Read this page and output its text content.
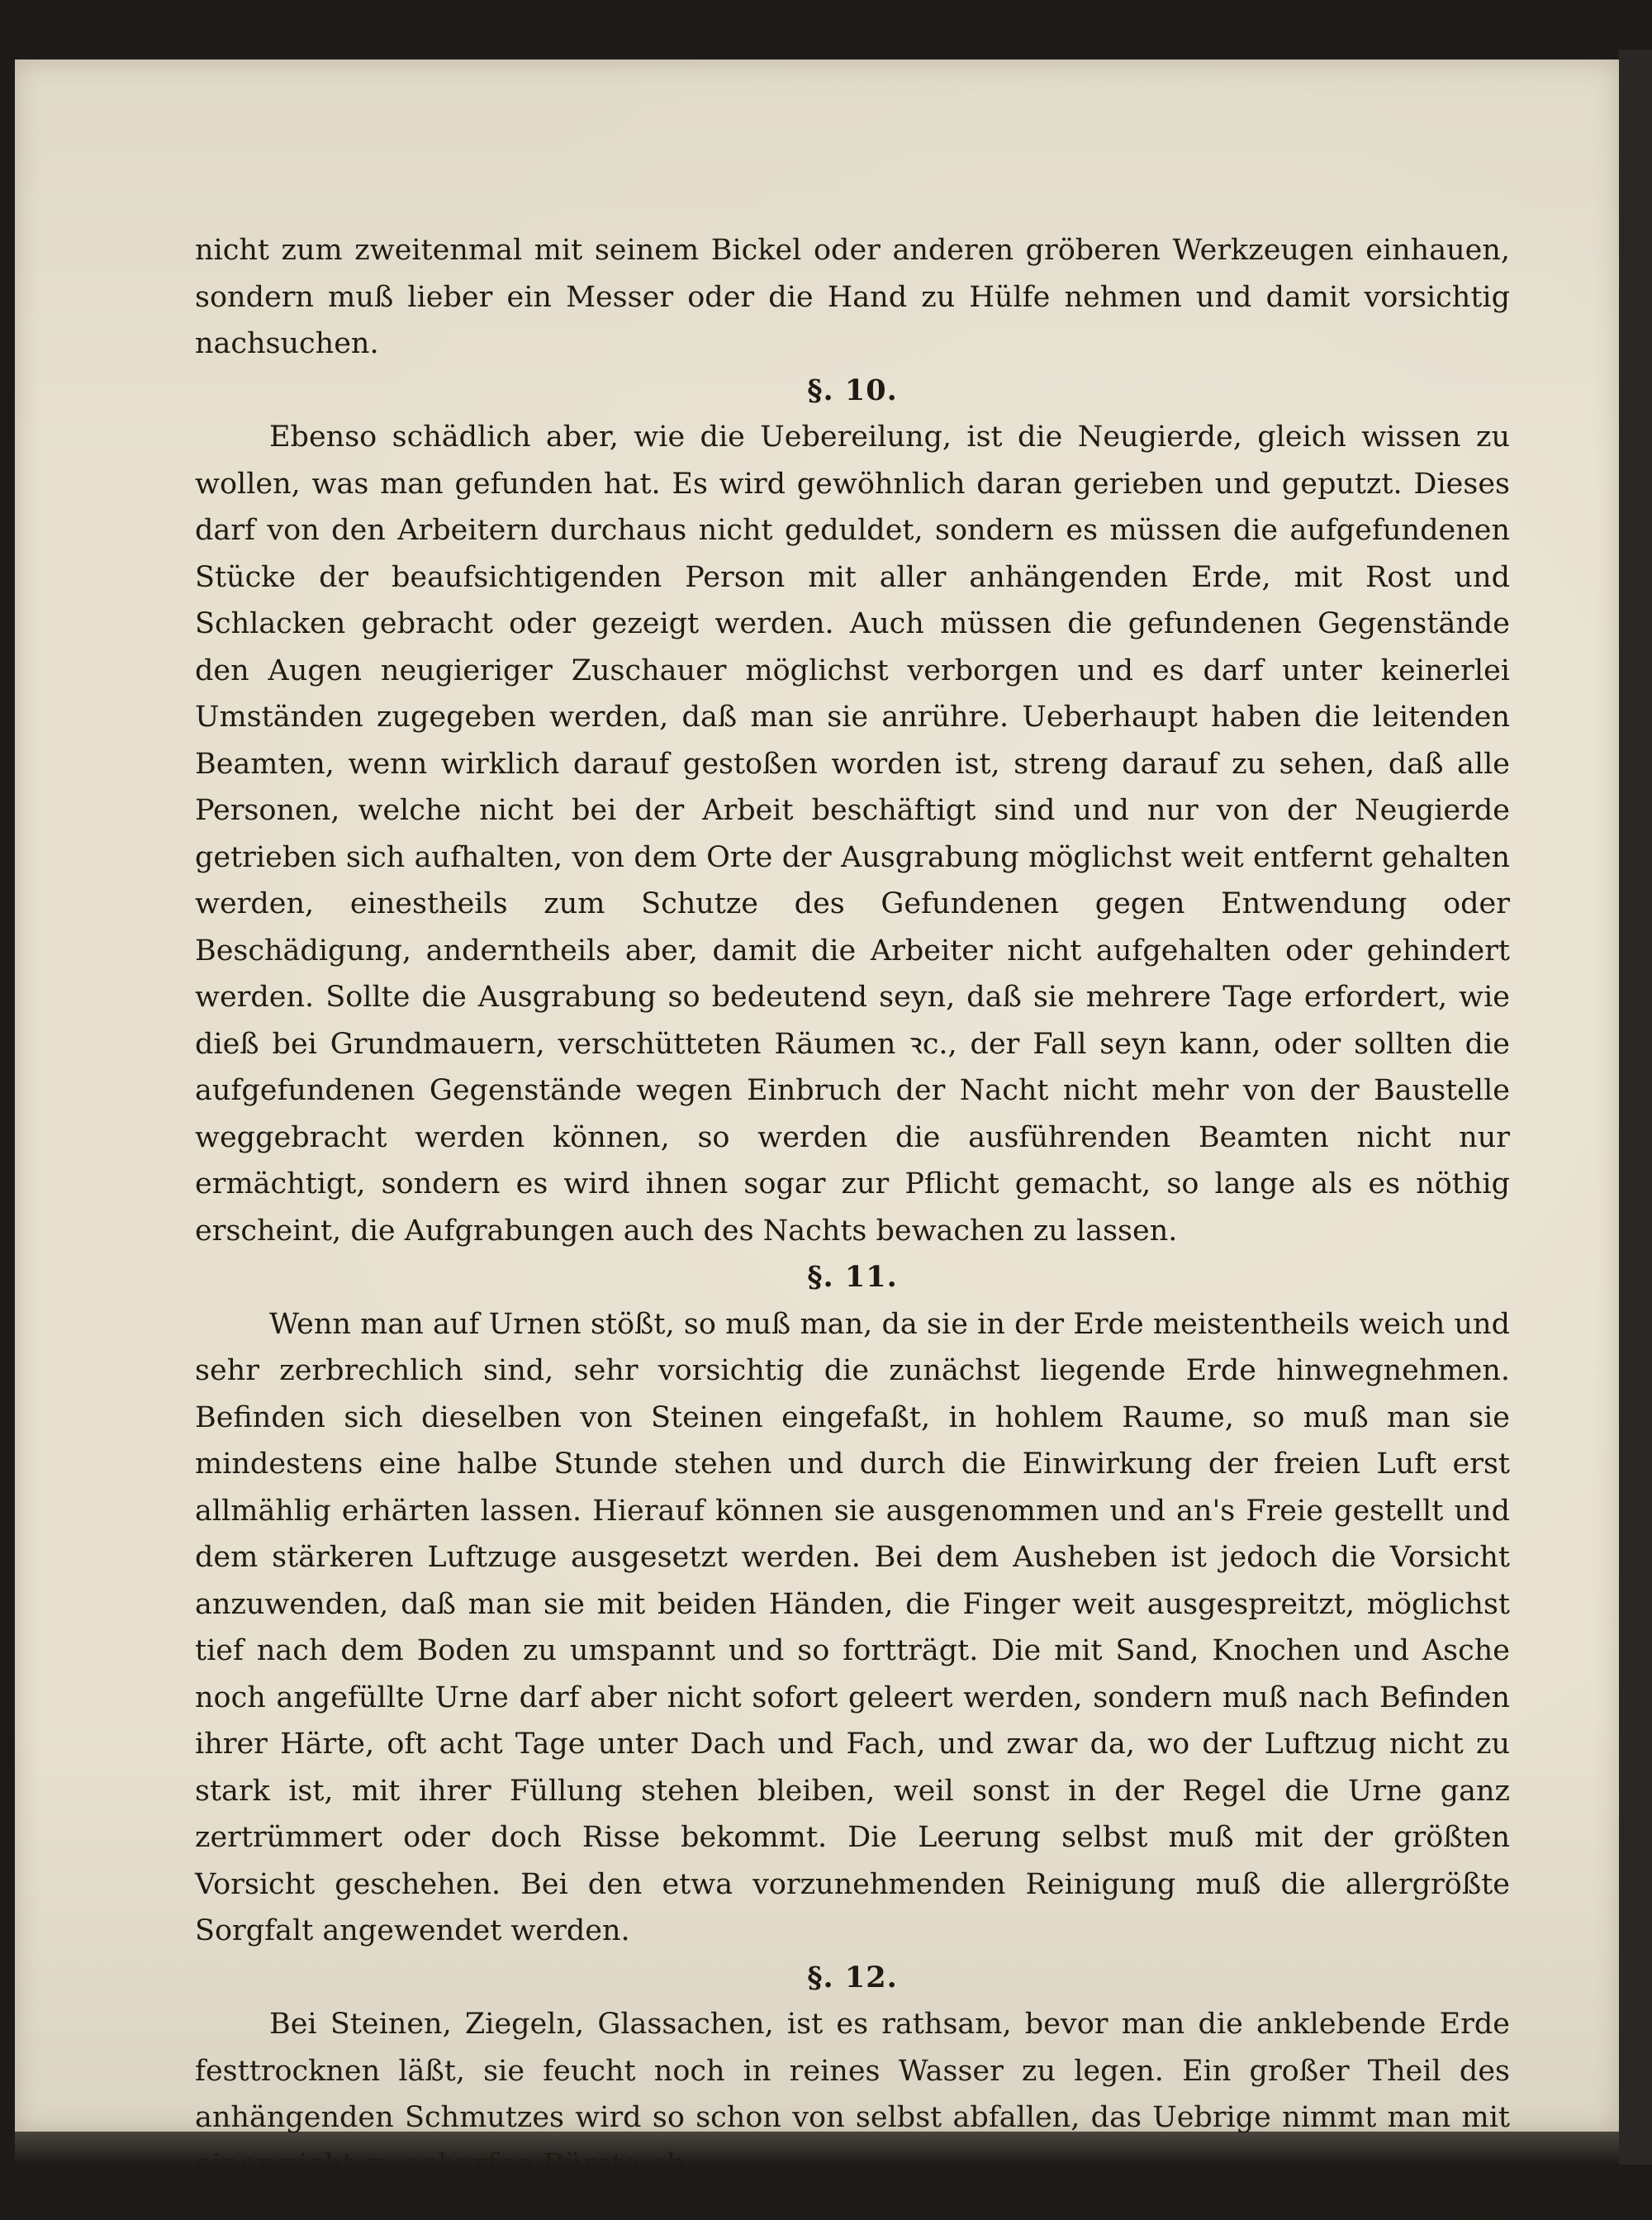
nicht zum zweitenmal mit seinem Bickel oder anderen gröberen Werkzeugen einhauen, sondern muß lieber ein Messer oder die Hand zu Hülfe nehmen und damit vorsichtig nachsuchen.

§. 10.

Ebenso schädlich aber, wie die Uebereilung, ist die Neugierde, gleich wissen zu wollen, was man gefunden hat. Es wird gewöhnlich daran gerieben und geputzt. Dieses darf von den Arbeitern durchaus nicht geduldet, sondern es müssen die aufgefundenen Stücke der beaufsichtigenden Person mit aller anhängenden Erde, mit Rost und Schlacken gebracht oder gezeigt werden. Auch müssen die gefundenen Gegenstände den Augen neugieriger Zuschauer möglichst verborgen und es darf unter keinerlei Umständen zugegeben werden, daß man sie anrühre. Ueberhaupt haben die leitenden Beamten, wenn wirklich darauf gestoßen worden ist, streng darauf zu sehen, daß alle Personen, welche nicht bei der Arbeit beschäftigt sind und nur von der Neugierde getrieben sich aufhalten, von dem Orte der Ausgrabung möglichst weit entfernt gehalten werden, einestheils zum Schutze des Gefundenen gegen Entwendung oder Beschädigung, anderntheils aber, damit die Arbeiter nicht aufgehalten oder gehindert werden. Sollte die Ausgrabung so bedeutend seyn, daß sie mehrere Tage erfordert, wie dieß bei Grundmauern, verschütteten Räumen ꝛc., der Fall seyn kann, oder sollten die aufgefundenen Gegenstände wegen Einbruch der Nacht nicht mehr von der Baustelle weggebracht werden können, so werden die ausführenden Beamten nicht nur ermächtigt, sondern es wird ihnen sogar zur Pflicht gemacht, so lange als es nöthig erscheint, die Aufgrabungen auch des Nachts bewachen zu lassen.

§. 11.

Wenn man auf Urnen stößt, so muß man, da sie in der Erde meistentheils weich und sehr zerbrechlich sind, sehr vorsichtig die zunächst liegende Erde hinwegnehmen. Befinden sich dieselben von Steinen eingefaßt, in hohlem Raume, so muß man sie mindestens eine halbe Stunde stehen und durch die Einwirkung der freien Luft erst allmählig erhärten lassen. Hierauf können sie ausgenommen und an's Freie gestellt und dem stärkeren Luftzuge ausgesetzt werden. Bei dem Ausheben ist jedoch die Vorsicht anzuwenden, daß man sie mit beiden Händen, die Finger weit ausgespreitzt, möglichst tief nach dem Boden zu umspannt und so fortträgt. Die mit Sand, Knochen und Asche noch angefüllte Urne darf aber nicht sofort geleert werden, sondern muß nach Befinden ihrer Härte, oft acht Tage unter Dach und Fach, und zwar da, wo der Luftzug nicht zu stark ist, mit ihrer Füllung stehen bleiben, weil sonst in der Regel die Urne ganz zertrümmert oder doch Risse bekommt. Die Leerung selbst muß mit der größten Vorsicht geschehen. Bei den etwa vorzunehmenden Reinigung muß die allergrößte Sorgfalt angewendet werden.

§. 12.

Bei Steinen, Ziegeln, Glassachen, ist es rathsam, bevor man die anklebende Erde festtrocknen läßt, sie feucht noch in reines Wasser zu legen. Ein großer Theil des anhängenden Schmutzes wird so schon von selbst abfallen, das Uebrige nimmt man mit einer nicht zu scharfen Bürste ab.

Alle
